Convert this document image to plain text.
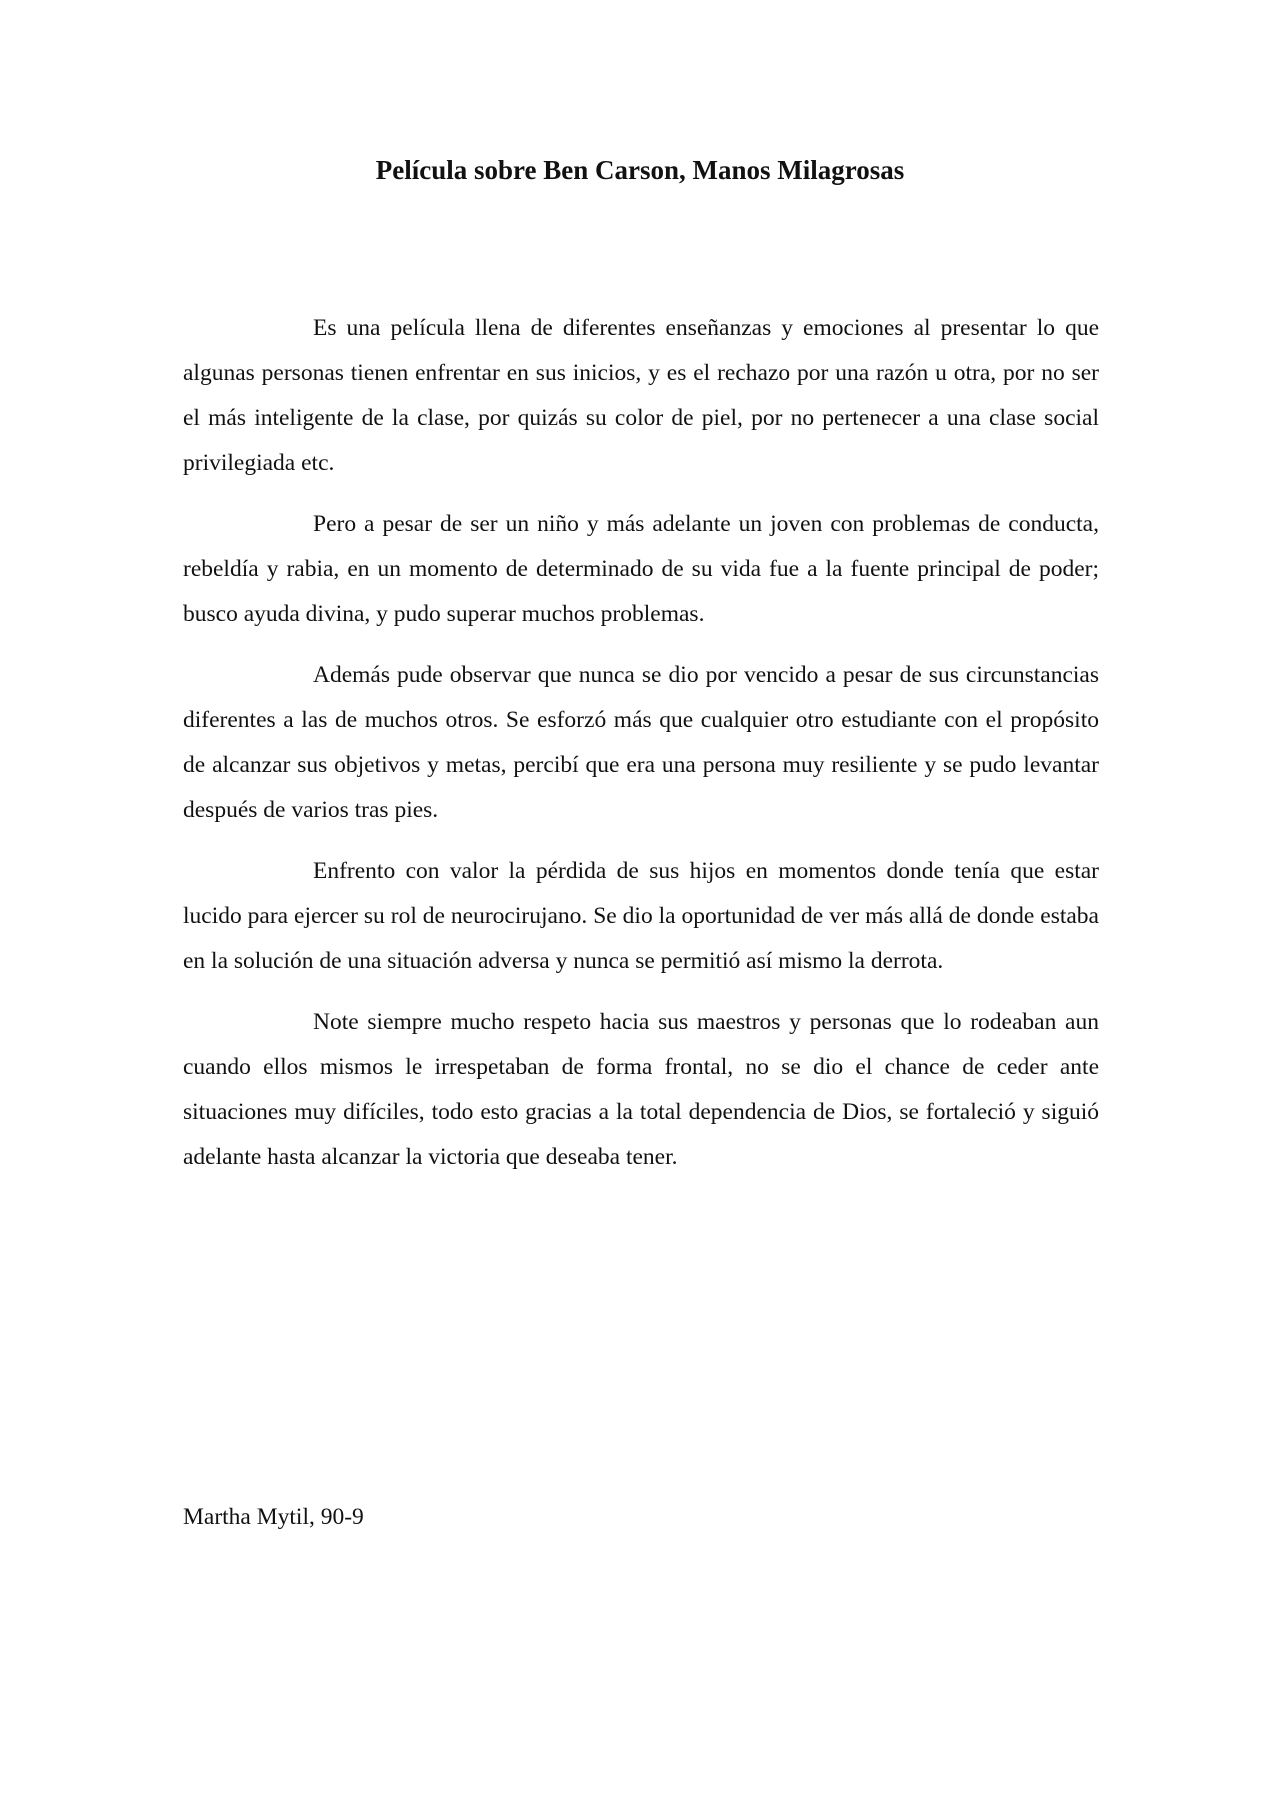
Película sobre Ben Carson, Manos Milagrosas

Es una película llena de diferentes enseñanzas y emociones al presentar lo que algunas personas tienen enfrentar en sus inicios, y es el rechazo por una razón u otra, por no ser el más inteligente de la clase, por quizás su color de piel, por no pertenecer a una clase social privilegiada etc.

Pero a pesar de ser un niño y más adelante un joven con problemas de conducta, rebeldía y rabia, en un momento de determinado de su vida fue a la fuente principal de poder; busco ayuda divina, y pudo superar muchos problemas.

Además pude observar que nunca se dio por vencido a pesar de sus circunstancias diferentes a las de muchos otros. Se esforzó más que cualquier otro estudiante con el propósito de alcanzar sus objetivos y metas, percibí que era una persona muy resiliente y se pudo levantar después de varios tras pies.

Enfrento con valor la pérdida de sus hijos en momentos donde tenía que estar lucido para ejercer su rol de neurocirujano. Se dio la oportunidad de ver más allá de donde estaba en la solución de una situación adversa y nunca se permitió así mismo la derrota.

Note siempre mucho respeto hacia sus maestros y personas que lo rodeaban aun cuando ellos mismos le irrespetaban de forma frontal, no se dio el chance de ceder ante situaciones muy difíciles, todo esto gracias a la total dependencia de Dios, se fortaleció y siguió adelante hasta alcanzar la victoria que deseaba tener.

Martha Mytil, 90-9
